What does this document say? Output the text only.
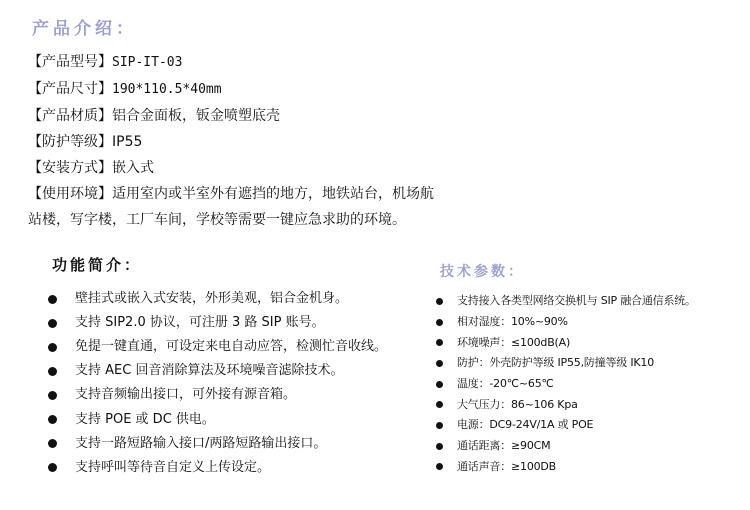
产品介绍：
【产品型号】SIP-IT-03
【产品尺寸】190*110.5*40mm
【产品材质】铝合金面板，钣金喷塑底壳
【防护等级】IP55
【安装方式】嵌入式
【使用环境】适用室内或半室外有遮挡的地方，地铁站台，机场航
站楼，写字楼，工厂车间，学校等需要一键应急求助的环境。
功能简介：
壁挂式或嵌入式安装，外形美观，铝合金机身。
支持 SIP2.0 协议，可注册 3 路 SIP 账号。
免提一键直通，可设定来电自动应答，检测忙音收线。
支持 AEC 回音消除算法及环境噪音滤除技术。
支持音频输出接口，可外接有源音箱。
支持 POE 或 DC 供电。
支持一路短路输入接口/两路短路输出接口。
支持呼叫等待音自定义上传设定。
技术参数：
支持接入各类型网络交换机与 SIP 融合通信系统。
相对湿度：10%~90%
环境噪声：≤100dB(A)
防护：外壳防护等级 IP55,防撞等级 IK10
温度：-20℃~65℃
大气压力：86~106 Kpa
电源：DC9-24V/1A 或 POE
通话距离：≥90CM
通话声音：≥100DB
